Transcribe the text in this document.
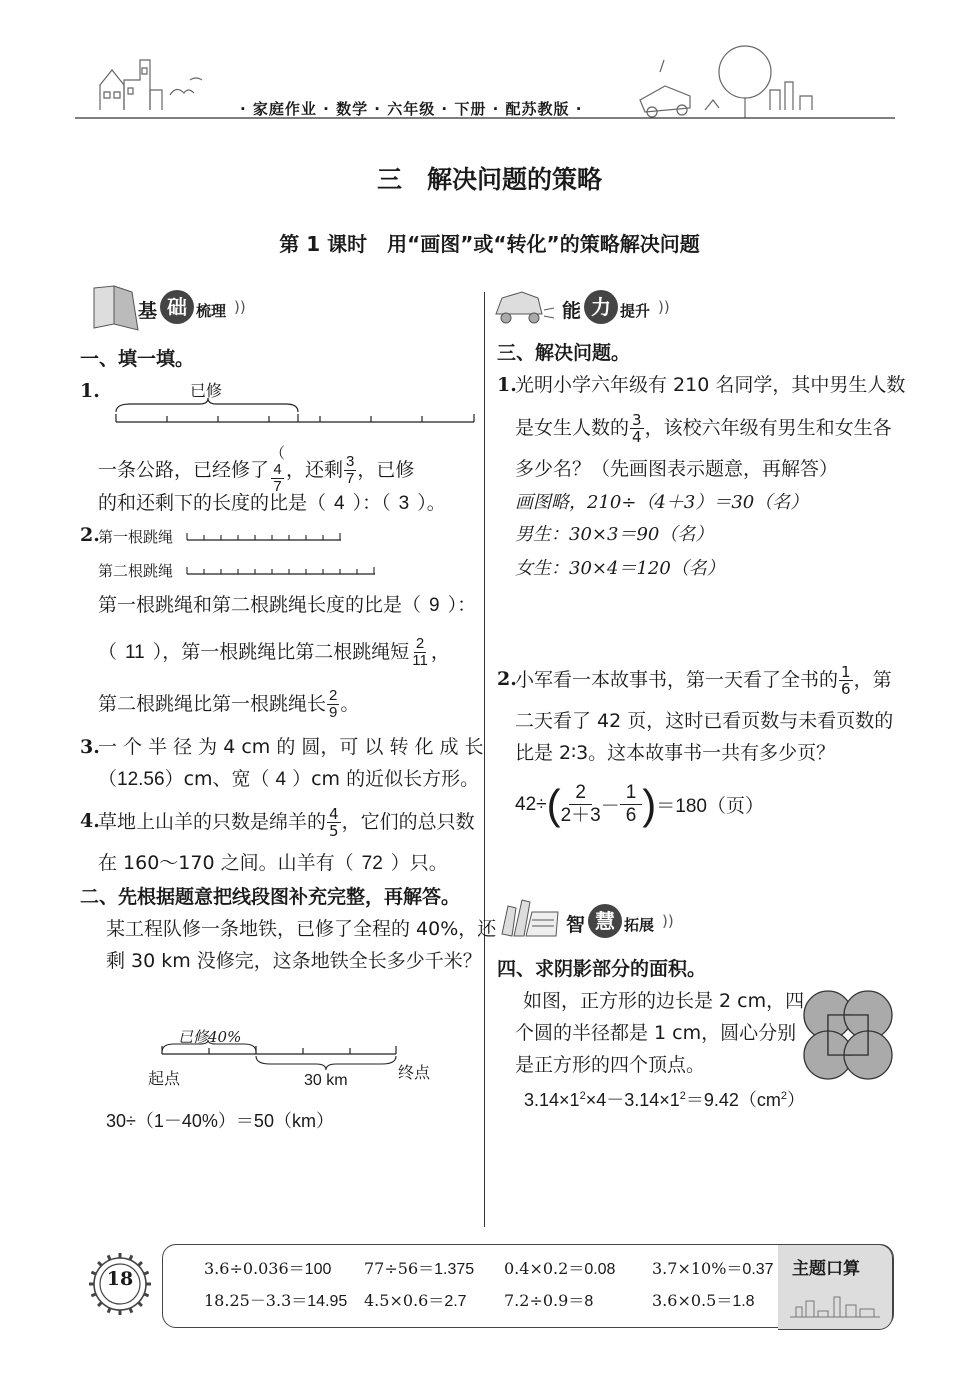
· 家庭作业 · 数学 · 六年级 · 下册 · 配苏教版 ·
三　解决问题的策略
第 1 课时　用“画图”或“转化”的策略解决问题
基 础 梳理 ))
一、填一填。
1.	已修
一条公路，已经修了（
4
7
，还剩 $\frac{3}{7}$ ，已修
的和还剩下的长度的比是（ 4 ）：（ 3 ）。
2.
第一根跳绳
第二根跳绳
第一根跳绳和第二根跳绳长度的比是（ 9 ）：
（ 11 ），第一根跳绳比第二根跳绳短 $\frac{2}{11}$ ，
第二根跳绳比第一根跳绳长 $\frac{2}{9}$ 。
3.
一 个 半 径 为 4 cm 的 圆，可 以 转 化 成 长
（12.56）cm、宽（ 4 ）cm 的近似长方形。
4.
草地上山羊的只数是绵羊的 $\frac{4}{5}$ ，它们的总只数
在 160～170 之间。山羊有（ 72 ）只。
二、先根据题意把线段图补充完整，再解答。
某工程队修一条地铁，已修了全程的 40%，还
剩 30 km 没修完，这条地铁全长多少千米？
已修40%
起点	30 km	终点
30÷（1－40%）＝50（km）
能 力 提升 ))
三、解决问题。
1.
光明小学六年级有 210 名同学，其中男生人数
是女生人数的 $\frac{3}{4}$ ，该校六年级有男生和女生各
多少名？（先画图表示题意，再解答）
画图略，210÷（4＋3）＝30（名）
男生：30×3＝90（名）
女生：30×4＝120（名）
2.
小军看一本故事书，第一天看了全书的 $\frac{1}{6}$ ，第
二天看了 42 页，这时已看页数与未看页数的
比是 2∶3。这本故事书一共有多少页？
42÷ ( 2
2＋3 －
1
6 ) ＝180（页）
智 慧 拓展 ))
四、求阴影部分的面积。
如图，正方形的边长是 2 cm，四
个圆的半径都是 1 cm，圆心分别
是正方形的四个顶点。
$3.14\times 1^2\times 4-3.14\times 1^2=9.42(cm^2)$
18	主题口算
3.6÷0.036＝100 77÷56＝1.375 0.4×0.2＝0.08 3.7×10%＝0.37
18.25－3.3＝14.95 4.5×0.6＝2.7 7.2÷0.9＝8	3.6×0.5＝1.8
